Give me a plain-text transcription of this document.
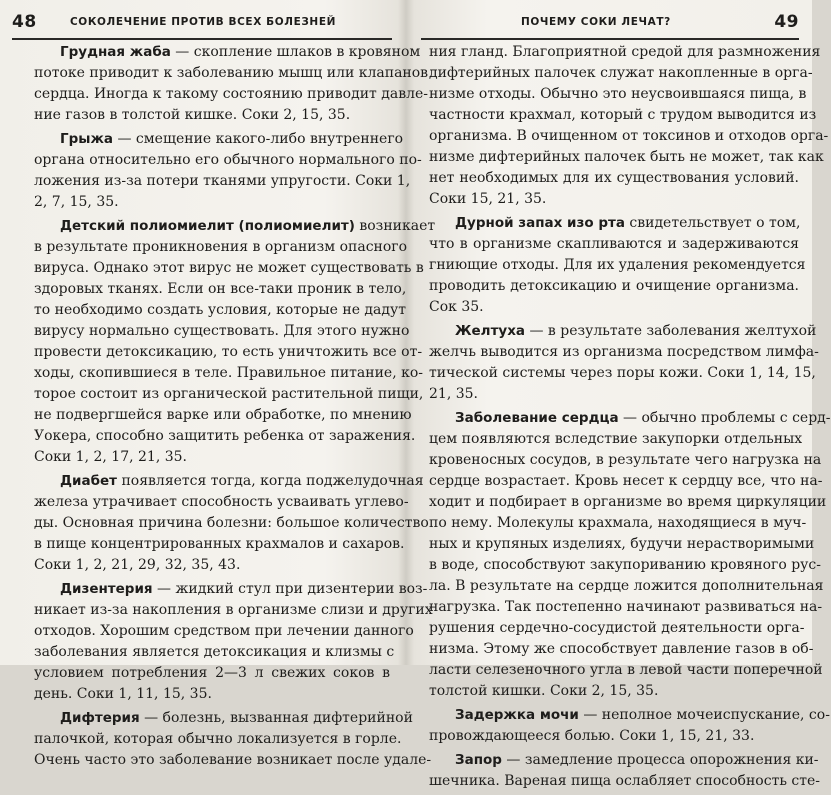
48	СОКОЛЕЧЕНИЕ ПРОТИВ ВСЕХ БОЛЕЗНЕЙ
Грудная жаба — скопление шлаков в кровяном
потоке приводит к заболеванию мышц или клапанов
сердца. Иногда к такому состоянию приводит давле-
ние газов в толстой кишке. Соки 2, 15, 35.
Грыжа — смещение какого-либо внутреннего
органа относительно его обычного нормального по-
ложения из-за потери тканями упругости. Соки 1,
2, 7, 15, 35.
Детский полиомиелит (полиомиелит) возникает
в результате проникновения в организм опасного
вируса. Однако этот вирус не может существовать в
здоровых тканях. Если он все-таки проник в тело,
то необходимо создать условия, которые не дадут
вирусу нормально существовать. Для этого нужно
провести детоксикацию, то есть уничтожить все от-
ходы, скопившиеся в теле. Правильное питание, ко-
торое состоит из органической растительной пищи,
не подвергшейся варке или обработке, по мнению
Уокера, способно защитить ребенка от заражения.
Соки 1, 2, 17, 21, 35.
Диабет появляется тогда, когда поджелудочная
железа утрачивает способность усваивать углево-
ды. Основная причина болезни: большое количество
в пище концентрированных крахмалов и сахаров.
Соки 1, 2, 21, 29, 32, 35, 43.
Дизентерия — жидкий стул при дизентерии воз-
никает из-за накопления в организме слизи и других
отходов. Хорошим средством при лечении данного
заболевания является детоксикация и клизмы с
условием потребления 2—3 л свежих соков в
день. Соки 1, 11, 15, 35.
Дифтерия — болезнь, вызванная дифтерийной
палочкой, которая обычно локализуется в горле.
Очень часто это заболевание возникает после удале-
ПОЧЕМУ СОКИ ЛЕЧАТ?	49
ния гланд. Благоприятной средой для размножения
дифтерийных палочек служат накопленные в орга-
низме отходы. Обычно это неусвоившаяся пища, в
частности крахмал, который с трудом выводится из
организма. В очищенном от токсинов и отходов орга-
низме дифтерийных палочек быть не может, так как
нет необходимых для их существования условий.
Соки 15, 21, 35.
Дурной запах изо рта свидетельствует о том,
что в организме скапливаются и задерживаются
гниющие отходы. Для их удаления рекомендуется
проводить детоксикацию и очищение организма.
Сок 35.
Желтуха — в результате заболевания желтухой
желчь выводится из организма посредством лимфа-
тической системы через поры кожи. Соки 1, 14, 15,
21, 35.
Заболевание сердца — обычно проблемы с серд-
цем появляются вследствие закупорки отдельных
кровеносных сосудов, в результате чего нагрузка на
сердце возрастает. Кровь несет к сердцу все, что на-
ходит и подбирает в организме во время циркуляции
по нему. Молекулы крахмала, находящиеся в муч-
ных и крупяных изделиях, будучи нерастворимыми
в воде, способствуют закупориванию кровяного рус-
ла. В результате на сердце ложится дополнительная
нагрузка. Так постепенно начинают развиваться на-
рушения сердечно-сосудистой деятельности орга-
низма. Этому же способствует давление газов в об-
ласти селезеночного угла в левой части поперечной
толстой кишки. Соки 2, 15, 35.
Задержка мочи — неполное мочеиспускание, со-
провождающееся болью. Соки 1, 15, 21, 33.
Запор — замедление процесса опорожнения ки-
шечника. Вареная пища ослабляет способность сте-
